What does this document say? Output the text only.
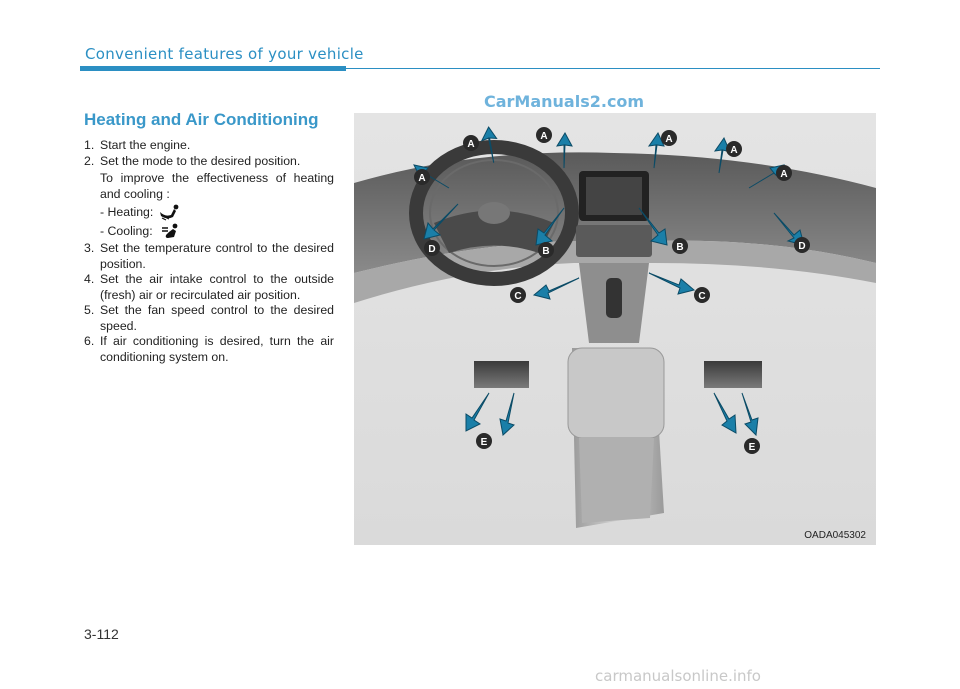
Convenient features of your vehicle
CarManuals2.com
Heating and Air Conditioning
1. Start the engine.
2. Set the mode to the desired position.
To improve the effectiveness of heating and cooling :
- Heating:
- Cooling:
3. Set the temperature control to the desired position.
4. Set the air intake control to the outside (fresh) air or recirculated air position.
5. Set the fan speed control to the desired speed.
6. If air conditioning is desired, turn the air conditioning system on.
A
A	A
A
A	A
D	D
B	B
C	C
E	E
OADA045302
3-112
carmanualsonline.info
